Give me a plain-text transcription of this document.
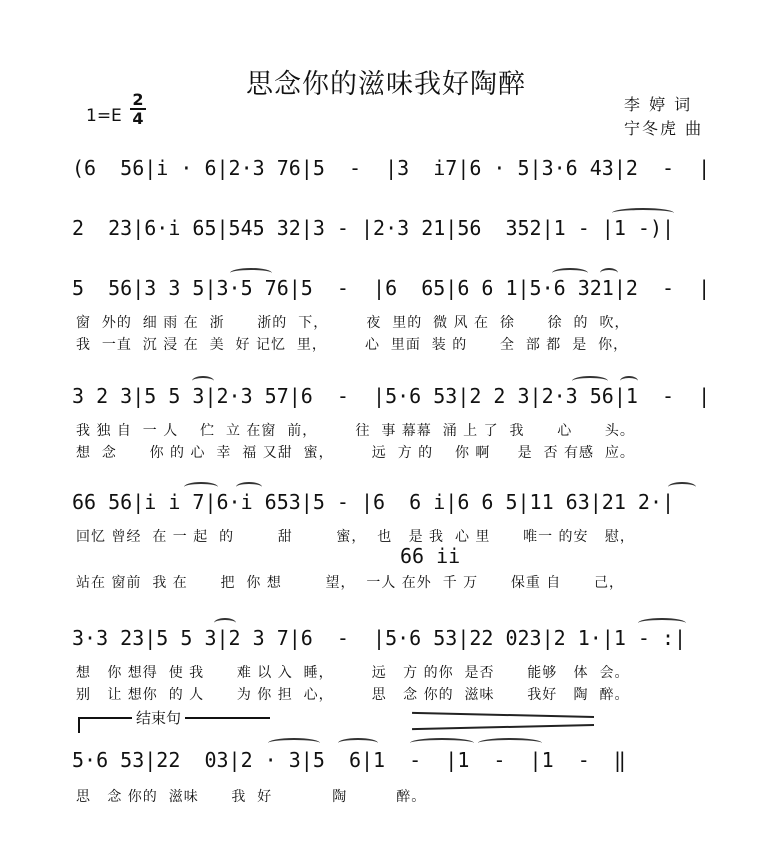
思念你的滋味我好陶醉
1=E
2
4
李 婷 词
宁冬虎 曲
(6  56|i · 6|2·3 76|5  -  |3  i7|6 · 5|3·6 43|2  -  |
2  23|6·i 65|545 32|3 - |2·3 21|56  352|1 - |1 -)|
5  56|3 3 5|3·5 76|5  -  |6  65|6 6 1|5·6 321|2  -  |
窗  外的  细 雨 在  浙      浙的  下，       夜  里的  微 风 在  徐      徐  的  吹，
我  一直  沉 浸 在  美  好 记忆  里，       心  里面  装 的      全  部 都  是  你，
3 2 3|5 5 3|2·3 57|6  -  |5·6 53|2 2 3|2·3 56|1  -  |
我 独 自  一 人    伫  立 在窗  前，       往  事 幕幕  涌 上 了  我      心      头。
想  念      你 的 心  幸  福 又甜  蜜，       远  方 的    你 啊     是  否 有感  应。
66 56|i i 7|6·i 653|5 - |6  6 i|6 6 5|11 63|21 2·|
回忆 曾经  在 一 起  的        甜        蜜，  也   是 我  心 里      唯一 的安   慰，
66 ii
站在 窗前  我 在      把  你 想        望，  一人 在外  千 万      保重 自      己，
3·3 23|5 5 3|2 3 7|6  -  |5·6 53|22 023|2 1·|1 - :|
想   你 想得  使 我      难 以 入  睡，       远   方 的你  是否      能够   体  会。
别   让 想你  的 人      为 你 担  心，       思   念 你的  滋味      我好   陶  醉。
结束句
5·6 53|22  03|2 · 3|5  6|1  -  |1  -  |1  -  ‖
思   念 你的  滋味      我  好           陶         醉。
